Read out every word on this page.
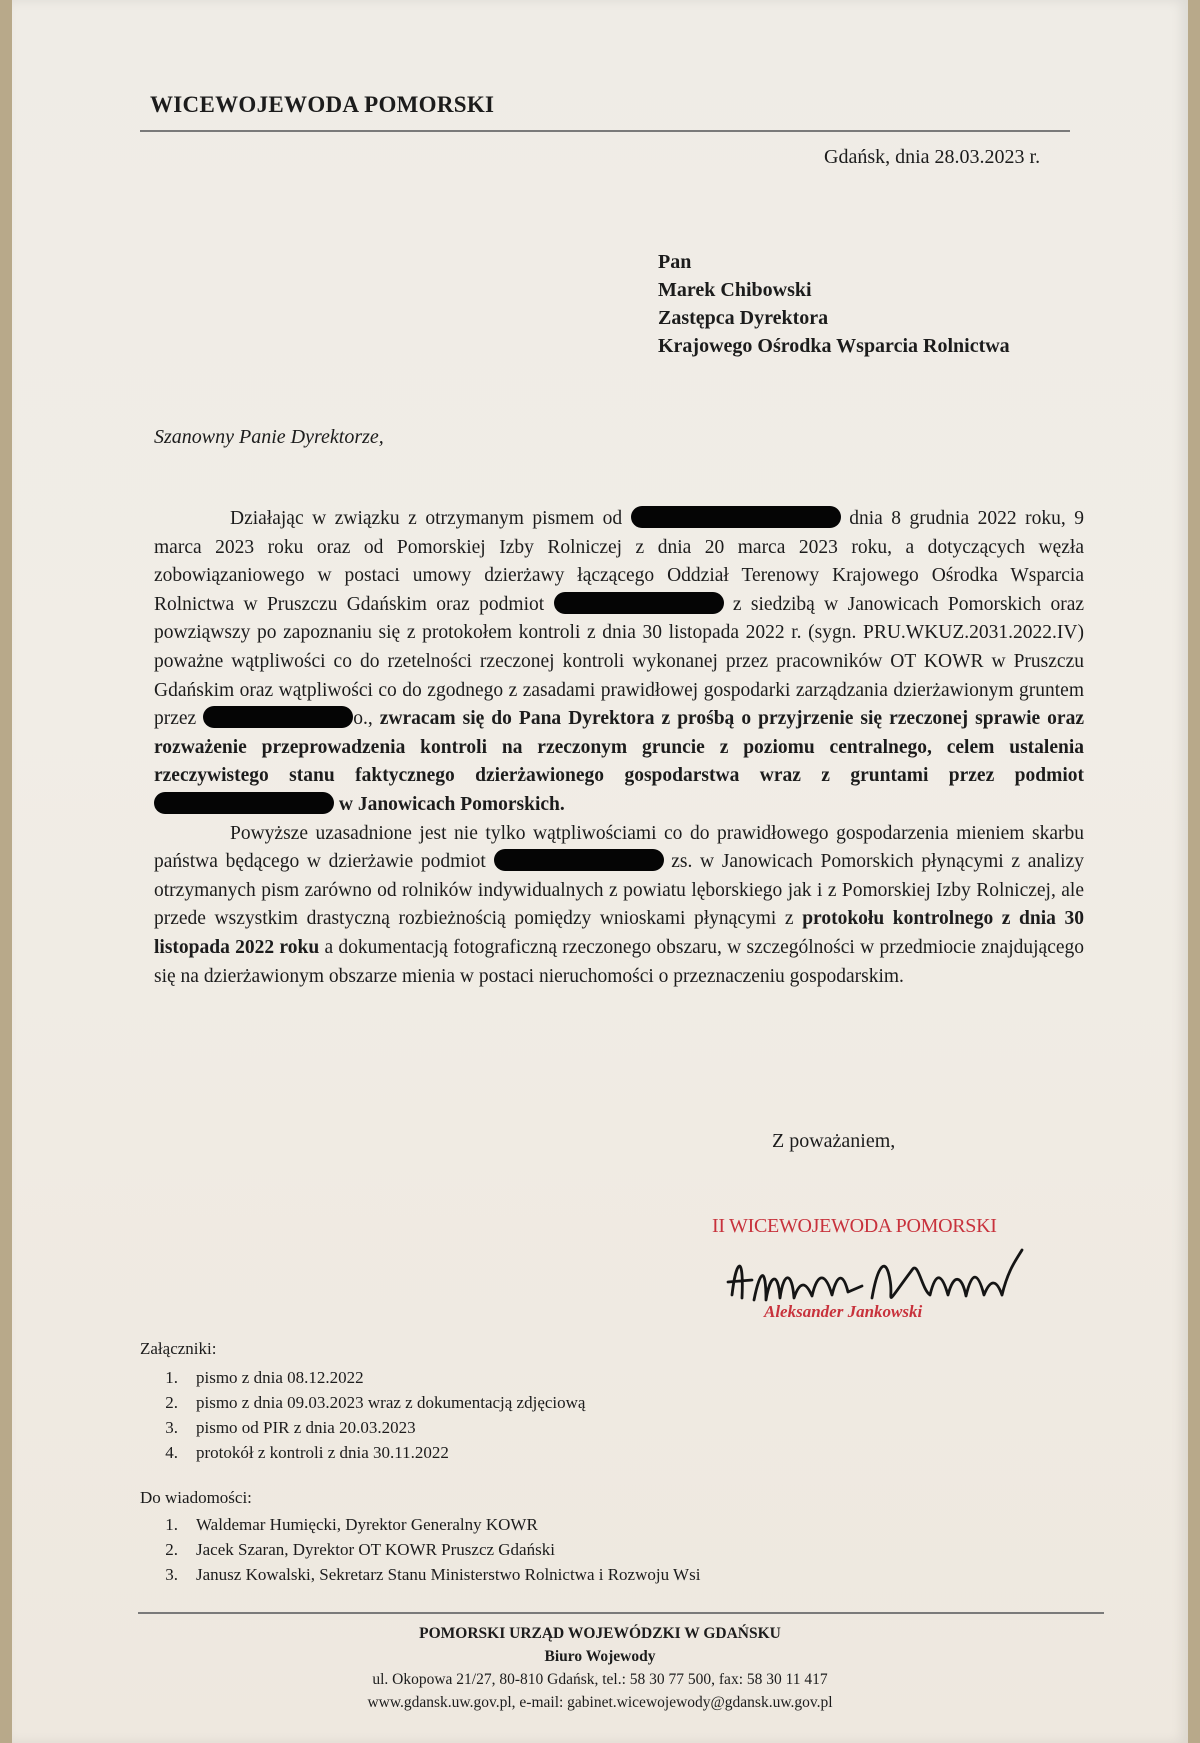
WICEWOJEWODA POMORSKI
Gdańsk, dnia 28.03.2023 r.
Pan
Marek Chibowski
Zastępca Dyrektora
Krajowego Ośrodka Wsparcia Rolnictwa
Szanowny Panie Dyrektorze,

Działając w związku z otrzymanym pismem od	dnia 8 grudnia 2022 roku, 9 marca 2023 roku oraz od Pomorskiej Izby Rolniczej z dnia 20 marca 2023 roku, a dotyczących węzła zobowiązaniowego w postaci umowy dzierżawy łączącego Oddział Terenowy Krajowego Ośrodka Wsparcia Rolnictwa w Pruszczu Gdańskim oraz podmiot	z siedzibą w Janowicach Pomorskich oraz powziąwszy po zapoznaniu się z protokołem kontroli z dnia 30 listopada 2022 r. (sygn. PRU.WKUZ.2031.2022.IV) poważne wątpliwości co do rzetelności rzeczonej kontroli wykonanej przez pracowników OT KOWR w Pruszczu Gdańskim oraz wątpliwości co do zgodnego z zasadami prawidłowej gospodarki zarządzania dzierżawionym gruntem przez	o., zwracam się do Pana Dyrektora z prośbą o przyjrzenie się rzeczonej sprawie oraz rozważenie przeprowadzenia kontroli na rzeczonym gruncie z poziomu centralnego, celem ustalenia rzeczywistego stanu faktycznego dzierżawionego gospodarstwa wraz z gruntami przez podmiot  w Janowicach Pomorskich.

Powyższe uzasadnione jest nie tylko wątpliwościami co do prawidłowego gospodarzenia mieniem skarbu państwa będącego w dzierżawie podmiot	zs. w Janowicach Pomorskich płynącymi z analizy otrzymanych pism zarówno od rolników indywidualnych z powiatu lęborskiego jak i z Pomorskiej Izby Rolniczej, ale przede wszystkim drastyczną rozbieżnością pomiędzy wnioskami płynącymi z protokołu kontrolnego z dnia 30 listopada 2022 roku a dokumentacją fotograficzną rzeczonego obszaru, w szczególności w przedmiocie znajdującego się na dzierżawionym obszarze mienia w postaci nieruchomości o przeznaczeniu gospodarskim.

Z poważaniem,
II WICEWOJEWODA POMORSKI
Aleksander Jankowski
Załączniki:
1. pismo z dnia 08.12.2022
2. pismo z dnia 09.03.2023 wraz z dokumentacją zdjęciową
3. pismo od PIR z dnia 20.03.2023
4. protokół z kontroli z dnia 30.11.2022
Do wiadomości:
1. Waldemar Humięcki, Dyrektor Generalny KOWR
2. Jacek Szaran, Dyrektor OT KOWR Pruszcz Gdański
3. Janusz Kowalski, Sekretarz Stanu Ministerstwo Rolnictwa i Rozwoju Wsi
POMORSKI URZĄD WOJEWÓDZKI W GDAŃSKU
Biuro Wojewody
ul. Okopowa 21/27, 80-810 Gdańsk, tel.: 58 30 77 500, fax: 58 30 11 417
www.gdansk.uw.gov.pl, e-mail: gabinet.wicewojewody@gdansk.uw.gov.pl
